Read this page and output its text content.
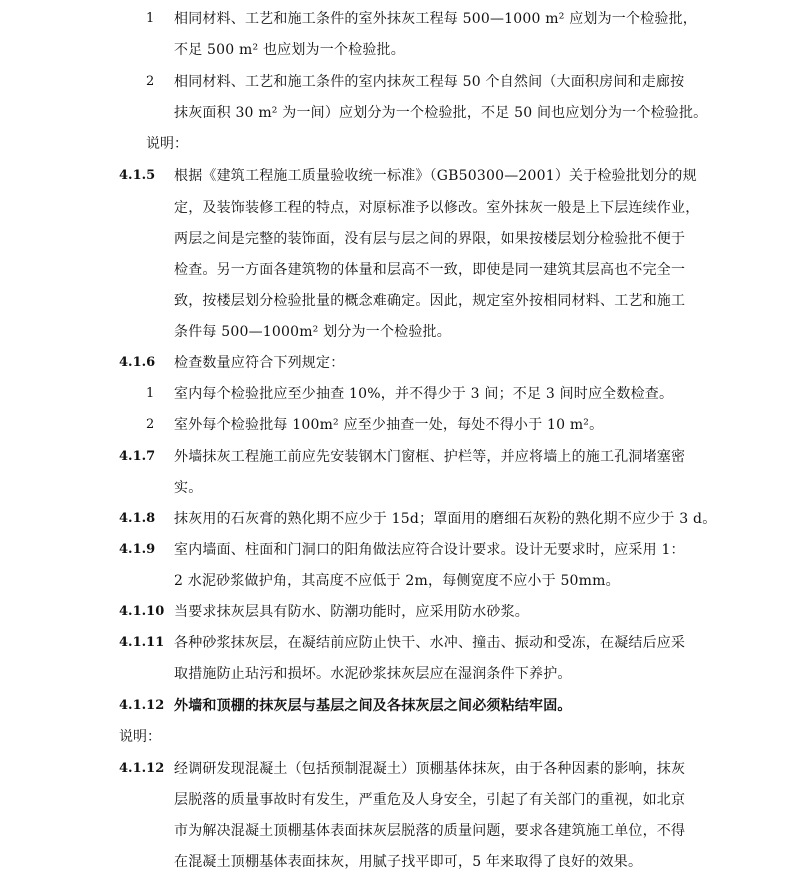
1 相同材料、工艺和施工条件的室外抹灰工程每 500—1000 m² 应划为一个检验批，
不足 500 m² 也应划为一个检验批。
2 相同材料、工艺和施工条件的室内抹灰工程每 50 个自然间（大面积房间和走廊按
抹灰面积 30 m² 为一间）应划分为一个检验批，不足 50 间也应划分为一个检验批。
说明：
4.1.5 根据《建筑工程施工质量验收统一标准》（GB50300—2001）关于检验批划分的规
定，及装饰装修工程的特点，对原标准予以修改。室外抹灰一般是上下层连续作业，
两层之间是完整的装饰面，没有层与层之间的界限，如果按楼层划分检验批不便于
检查。另一方面各建筑物的体量和层高不一致，即使是同一建筑其层高也不完全一
致，按楼层划分检验批量的概念难确定。因此，规定室外按相同材料、工艺和施工
条件每 500—1000m² 划分为一个检验批。
4.1.6 检查数量应符合下列规定：
1 室内每个检验批应至少抽查 10%，并不得少于 3 间；不足 3 间时应全数检查。
2 室外每个检验批每 100m² 应至少抽查一处，每处不得小于 10 m²。
4.1.7 外墙抹灰工程施工前应先安装钢木门窗框、护栏等，并应将墙上的施工孔洞堵塞密
实。
4.1.8 抹灰用的石灰膏的熟化期不应少于 15d；罩面用的磨细石灰粉的熟化期不应少于 3 d。
4.1.9 室内墙面、柱面和门洞口的阳角做法应符合设计要求。设计无要求时，应采用 1：
2 水泥砂浆做护角，其高度不应低于 2m，每侧宽度不应小于 50mm。
4.1.10 当要求抹灰层具有防水、防潮功能时，应采用防水砂浆。
4.1.11 各种砂浆抹灰层，在凝结前应防止快干、水冲、撞击、振动和受冻，在凝结后应采
取措施防止玷污和损坏。水泥砂浆抹灰层应在湿润条件下养护。
4.1.12 外墙和顶棚的抹灰层与基层之间及各抹灰层之间必须粘结牢固。
说明：
4.1.12 经调研发现混凝土（包括预制混凝土）顶棚基体抹灰，由于各种因素的影响，抹灰
层脱落的质量事故时有发生，严重危及人身安全，引起了有关部门的重视，如北京
市为解决混凝土顶棚基体表面抹灰层脱落的质量问题，要求各建筑施工单位，不得
在混凝土顶棚基体表面抹灰，用腻子找平即可，5 年来取得了良好的效果。
